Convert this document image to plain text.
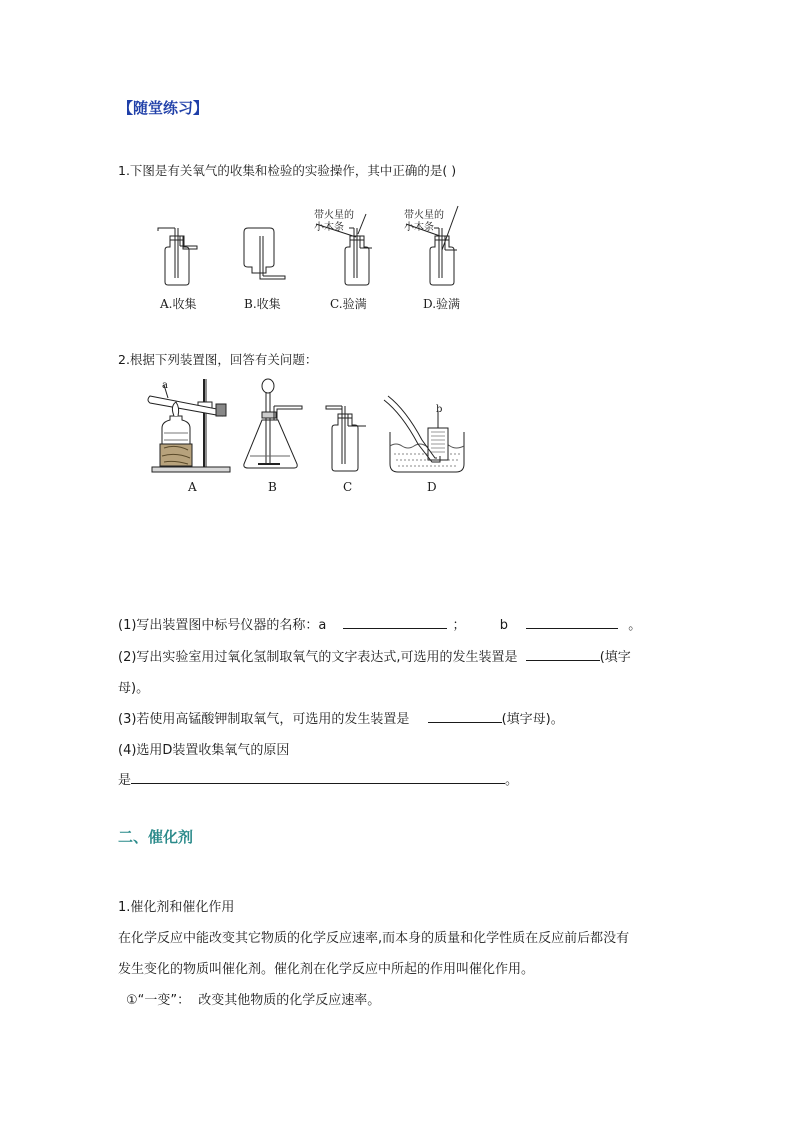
【随堂练习】
1.下图是有关氧气的收集和检验的实验操作，其中正确的是( )
带火星的
小木条
带火星的
小木条
A.收集	B.收集	C.验满	D.验满
2.根据下列装置图，回答有关问题：
a
b
A	B	C	D
(1)写出装置图中标号仪器的名称：a	；	b	。
(2)写出实验室用过氧化氢制取氧气的文字表达式,可选用的发生装置是	(填字
母)。
(3)若使用高锰酸钾制取氧气，可选用的发生装置是	(填字母)。
(4)选用D装置收集氧气的原因
是	。
二、催化剂
1.催化剂和催化作用
在化学反应中能改变其它物质的化学反应速率,而本身的质量和化学性质在反应前后都没有
发生变化的物质叫催化剂。催化剂在化学反应中所起的作用叫催化作用。
①“一变”： 改变其他物质的化学反应速率。
